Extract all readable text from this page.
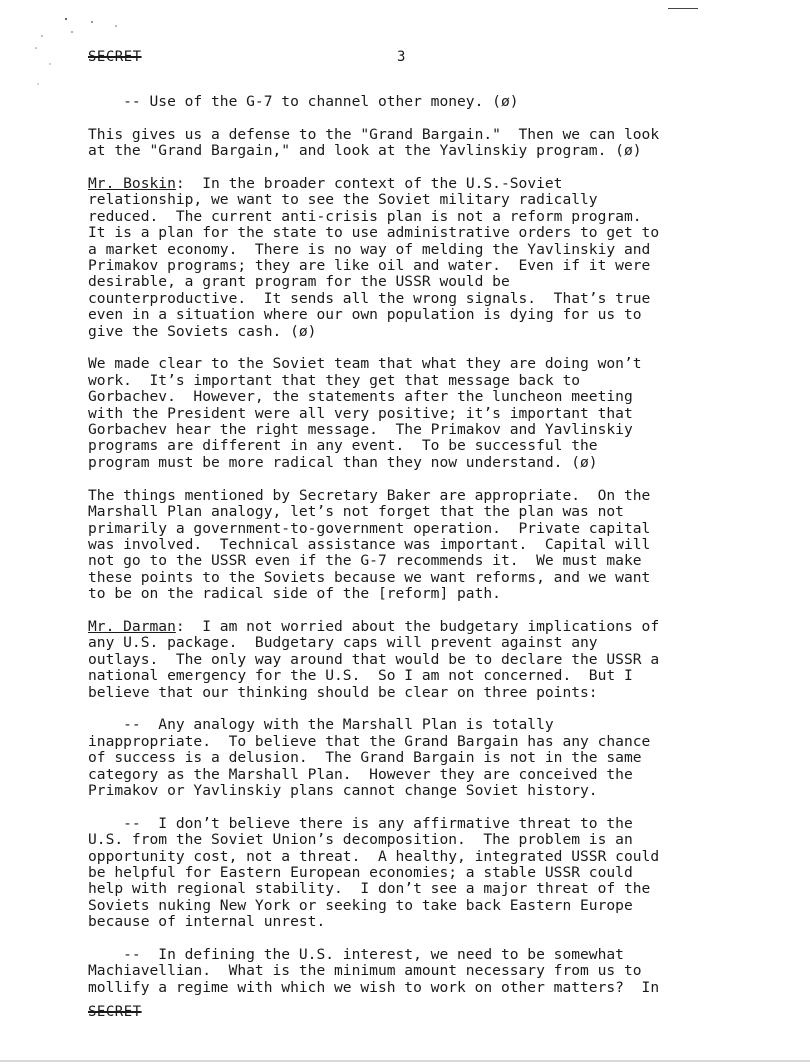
SECRET	3
-- Use of the G-7 to channel other money. (ø)
This gives us a defense to the "Grand Bargain."  Then we can look
at the "Grand Bargain," and look at the Yavlinskiy program. (ø)
Mr. Boskin:  In the broader context of the U.S.-Soviet
relationship, we want to see the Soviet military radically
reduced.  The current anti-crisis plan is not a reform program.
It is a plan for the state to use administrative orders to get to
a market economy.  There is no way of melding the Yavlinskiy and
Primakov programs; they are like oil and water.  Even if it were
desirable, a grant program for the USSR would be
counterproductive.  It sends all the wrong signals.  That’s true
even in a situation where our own population is dying for us to
give the Soviets cash. (ø)
We made clear to the Soviet team that what they are doing won’t
work.  It’s important that they get that message back to
Gorbachev.  However, the statements after the luncheon meeting
with the President were all very positive; it’s important that
Gorbachev hear the right message.  The Primakov and Yavlinskiy
programs are different in any event.  To be successful the
program must be more radical than they now understand. (ø)
The things mentioned by Secretary Baker are appropriate.  On the
Marshall Plan analogy, let’s not forget that the plan was not
primarily a government-to-government operation.  Private capital
was involved.  Technical assistance was important.  Capital will
not go to the USSR even if the G-7 recommends it.  We must make
these points to the Soviets because we want reforms, and we want
to be on the radical side of the [reform] path.
Mr. Darman:  I am not worried about the budgetary implications of
any U.S. package.  Budgetary caps will prevent against any
outlays.  The only way around that would be to declare the USSR a
national emergency for the U.S.  So I am not concerned.  But I
believe that our thinking should be clear on three points:
--  Any analogy with the Marshall Plan is totally
inappropriate.  To believe that the Grand Bargain has any chance
of success is a delusion.  The Grand Bargain is not in the same
category as the Marshall Plan.  However they are conceived the
Primakov or Yavlinskiy plans cannot change Soviet history.
--  I don’t believe there is any affirmative threat to the
U.S. from the Soviet Union’s decomposition.  The problem is an
opportunity cost, not a threat.  A healthy, integrated USSR could
be helpful for Eastern European economies; a stable USSR could
help with regional stability.  I don’t see a major threat of the
Soviets nuking New York or seeking to take back Eastern Europe
because of internal unrest.
--  In defining the U.S. interest, we need to be somewhat
Machiavellian.  What is the minimum amount necessary from us to
mollify a regime with which we wish to work on other matters?  In
SECRET
